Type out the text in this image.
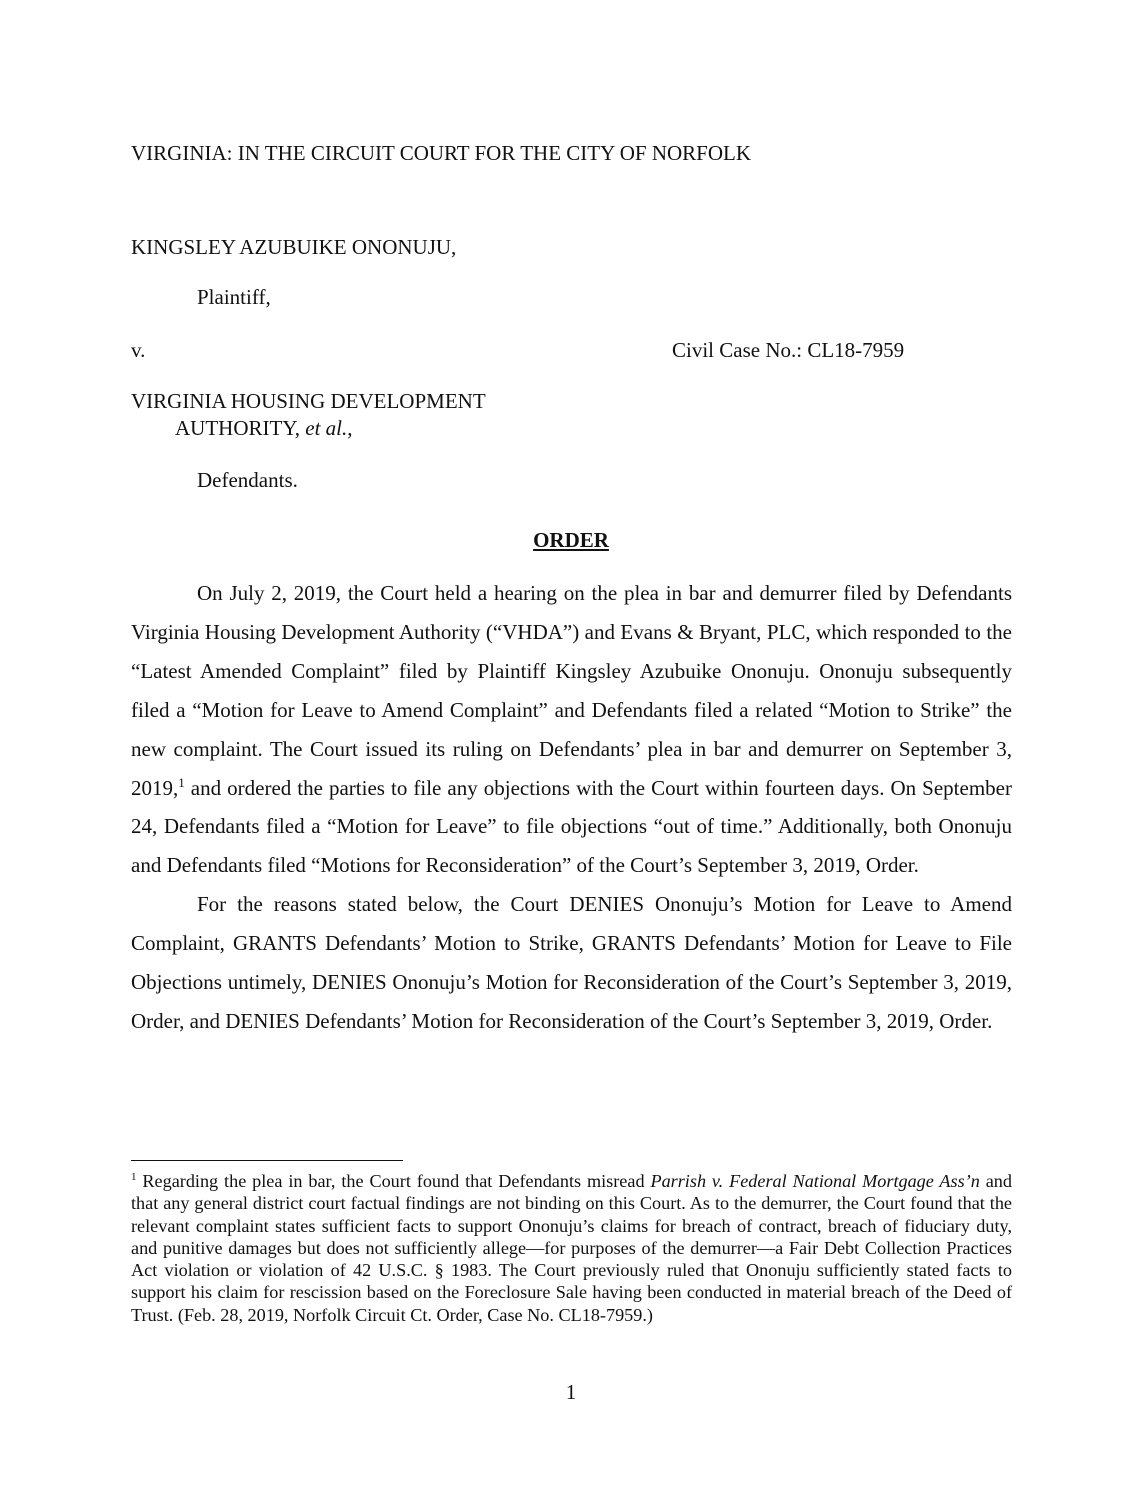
VIRGINIA: IN THE CIRCUIT COURT FOR THE CITY OF NORFOLK
KINGSLEY AZUBUIKE ONONUJU,
Plaintiff,
v.	Civil Case No.: CL18-7959
VIRGINIA HOUSING DEVELOPMENT
AUTHORITY, et al.,
Defendants.
ORDER

On July 2, 2019, the Court held a hearing on the plea in bar and demurrer filed by Defendants Virginia Housing Development Authority (“VHDA”) and Evans & Bryant, PLC, which responded to the “Latest Amended Complaint” filed by Plaintiff Kingsley Azubuike Ononuju. Ononuju subsequently filed a “Motion for Leave to Amend Complaint” and Defendants filed a related “Motion to Strike” the new complaint. The Court issued its ruling on Defendants’ plea in bar and demurrer on September 3, 2019,$^1$ and ordered the parties to file any objections with the Court within fourteen days. On September 24, Defendants filed a “Motion for Leave” to file objections “out of time.” Additionally, both Ononuju and Defendants filed “Motions for Reconsideration” of the Court’s September 3, 2019, Order.

For the reasons stated below, the Court DENIES Ononuju’s Motion for Leave to Amend Complaint, GRANTS Defendants’ Motion to Strike, GRANTS Defendants’ Motion for Leave to File Objections untimely, DENIES Ononuju’s Motion for Reconsideration of the Court’s September 3, 2019, Order, and DENIES Defendants’ Motion for Reconsideration of the Court’s September 3, 2019, Order.

$^1$ Regarding the plea in bar, the Court found that Defendants misread Parrish v. Federal National Mortgage Ass’n and that any general district court factual findings are not binding on this Court. As to the demurrer, the Court found that the relevant complaint states sufficient facts to support Ononuju’s claims for breach of contract, breach of fiduciary duty, and punitive damages but does not sufficiently allege—for purposes of the demurrer—a Fair Debt Collection Practices Act violation or violation of 42 U.S.C. § 1983. The Court previously ruled that Ononuju sufficiently stated facts to support his claim for rescission based on the Foreclosure Sale having been conducted in material breach of the Deed of Trust. (Feb. 28, 2019, Norfolk Circuit Ct. Order, Case No. CL18-7959.)
1
